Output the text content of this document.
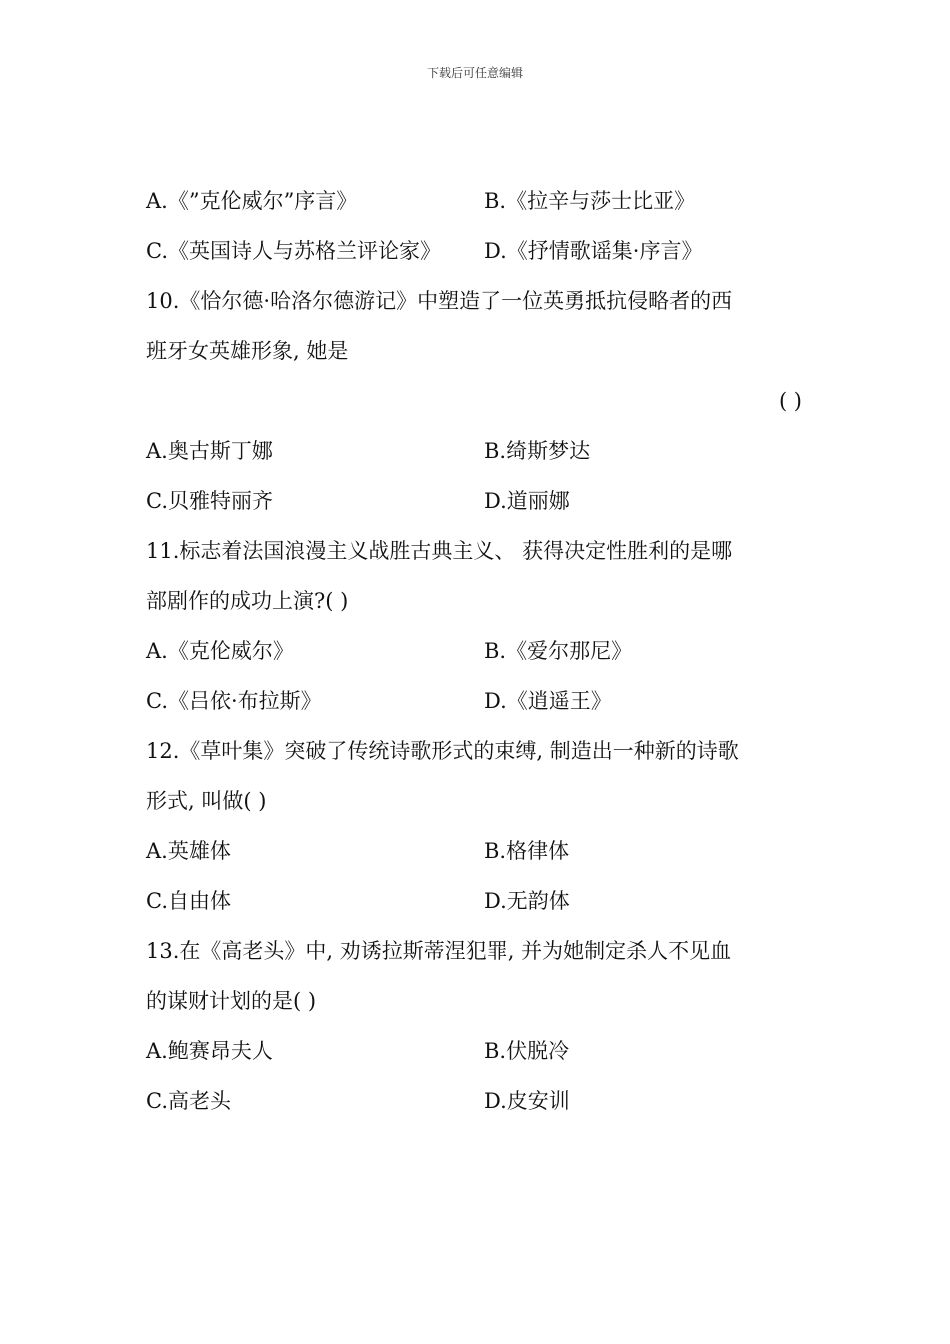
下载后可任意编辑
A.《”克伦威尔”序言》	B.《拉辛与莎士比亚》
C.《英国诗人与苏格兰评论家》 D.《抒情歌谣集·序言》
10.《恰尔德·哈洛尔德游记》中塑造了一位英勇抵抗侵略者的西
班牙女英雄形象, 她是
( )
A.奥古斯丁娜	B.绮斯梦达
C.贝雅特丽齐	D.道丽娜
11.标志着法国浪漫主义战胜古典主义、 获得决定性胜利的是哪
部剧作的成功上演?( )
A.《克伦威尔》	B.《爱尔那尼》
C.《吕依·布拉斯》	D.《逍遥王》
12.《草叶集》突破了传统诗歌形式的束缚, 制造出一种新的诗歌
形式, 叫做( )
A.英雄体	B.格律体
C.自由体	D.无韵体
13.在《高老头》中, 劝诱拉斯蒂涅犯罪, 并为她制定杀人不见血
的谋财计划的是( )
A.鲍赛昂夫人	B.伏脱冷
C.高老头	D.皮安训
